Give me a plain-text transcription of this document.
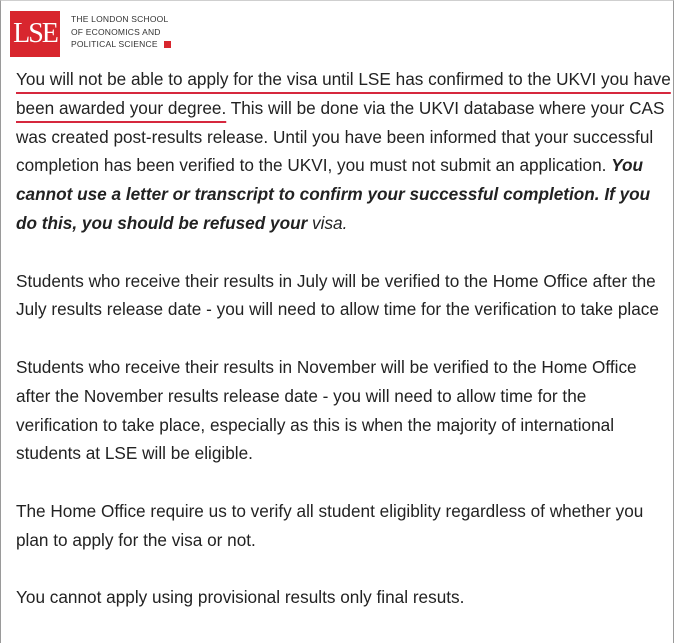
LSE	THE LONDON SCHOOL
OF ECONOMICS AND
POLITICAL SCIENCE

You will not be able to apply for the visa until LSE has confirmed to the UKVI you have been awarded your degree. This will be done via the UKVI database where your CAS was created post-results release. Until you have been informed that your successful completion has been verified to the UKVI, you must not submit an application. You cannot use a letter or transcript to confirm your successful completion. If you do this, you should be refused your visa.

Students who receive their results in July will be verified to the Home Office after the July results release date - you will need to allow time for the verification to take place

Students who receive their results in November will be verified to the Home Office after the November results release date - you will need to allow time for the verification to take place, especially as this is when the majority of international students at LSE will be eligible.

The Home Office require us to verify all student eligiblity regardless of whether you plan to apply for the visa or not.

You cannot apply using provisional results only final resuts.
